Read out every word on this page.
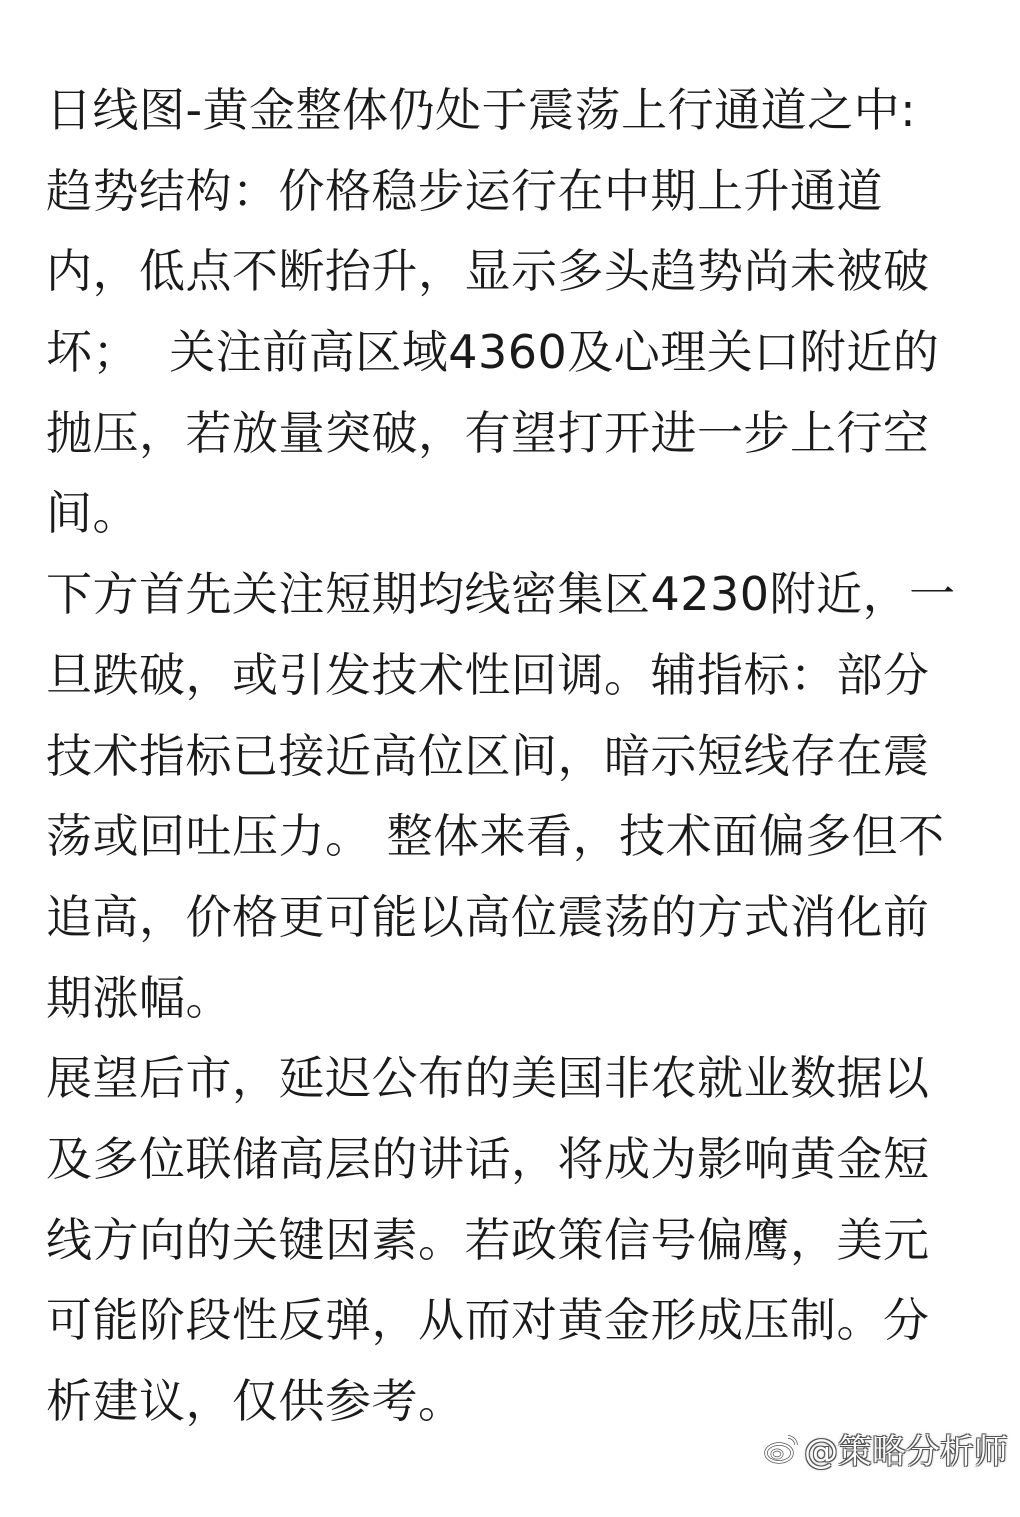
日线图-黄金整体仍处于震荡上行通道之中:
趋势结构：价格稳步运行在中期上升通道
内，低点不断抬升，显示多头趋势尚未被破
坏；  关注前高区域4360及心理关口附近的
抛压，若放量突破，有望打开进一步上行空
间。
下方首先关注短期均线密集区4230附近，一
旦跌破，或引发技术性回调。辅指标：部分
技术指标已接近高位区间，暗示短线存在震
荡或回吐压力。 整体来看，技术面偏多但不
追高，价格更可能以高位震荡的方式消化前
期涨幅。
展望后市，延迟公布的美国非农就业数据以
及多位联储高层的讲话，将成为影响黄金短
线方向的关键因素。若政策信号偏鹰，美元
可能阶段性反弹，从而对黄金形成压制。分
析建议，仅供参考。
@策略分析师
